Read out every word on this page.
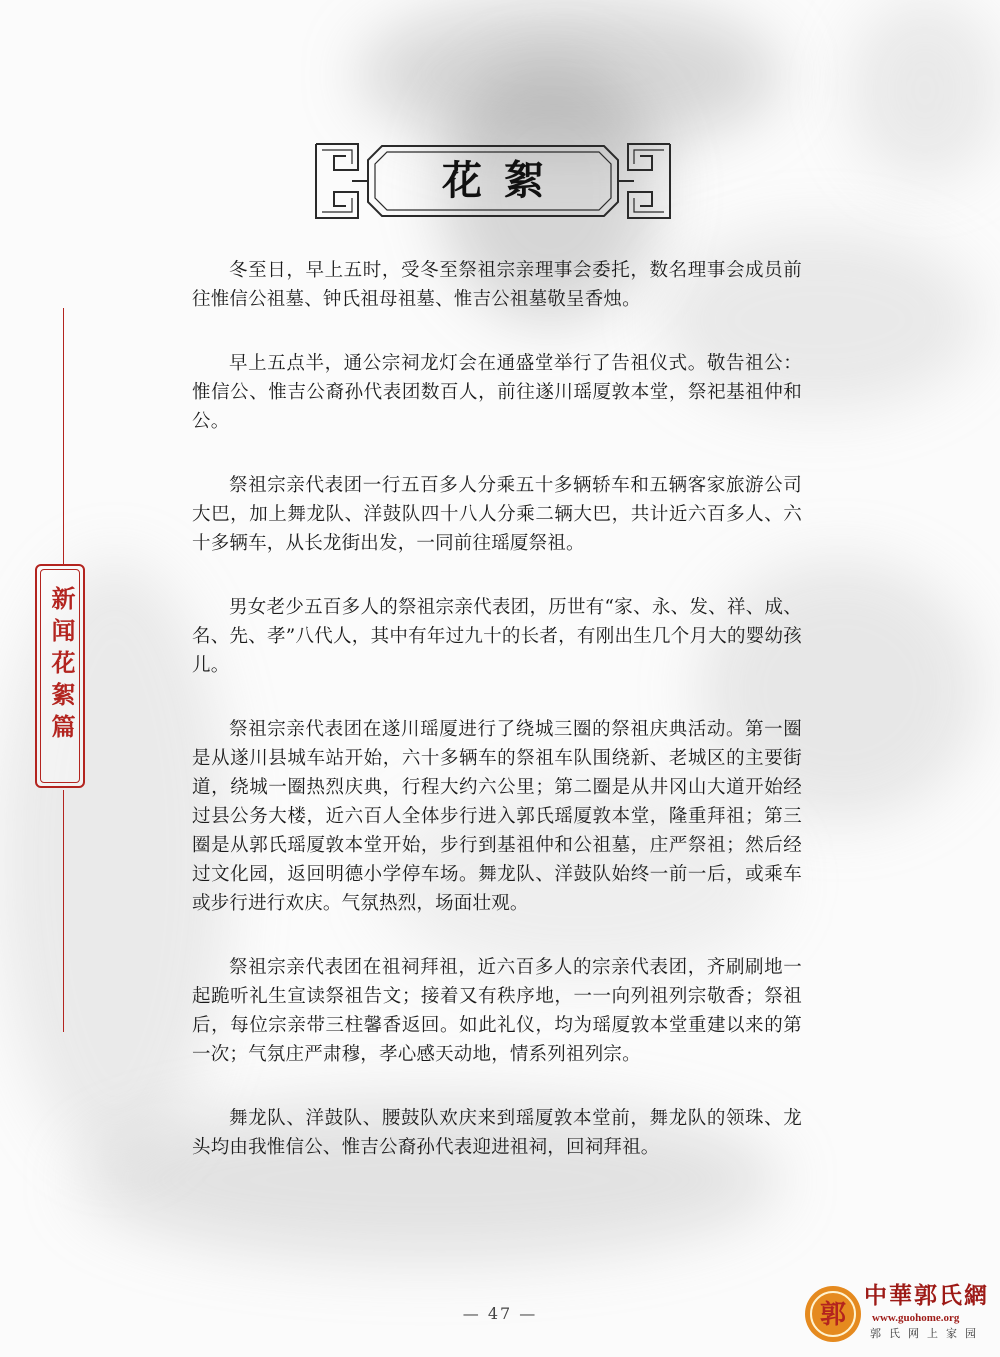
花絮
新闻花絮篇

冬至日，早上五时，受冬至祭祖宗亲理事会委托，数名理事会成员前往惟信公祖墓、钟氏祖母祖墓、惟吉公祖墓敬呈香烛。

早上五点半，通公宗祠龙灯会在通盛堂举行了告祖仪式。敬告祖公：惟信公、惟吉公裔孙代表团数百人，前往遂川瑶厦敦本堂，祭祀基祖仲和公。

祭祖宗亲代表团一行五百多人分乘五十多辆轿车和五辆客家旅游公司大巴，加上舞龙队、洋鼓队四十八人分乘二辆大巴，共计近六百多人、六十多辆车，从长龙街出发，一同前往瑶厦祭祖。

男女老少五百多人的祭祖宗亲代表团，历世有“家、永、发、祥、成、名、先、孝”八代人，其中有年过九十的长者，有刚出生几个月大的婴幼孩儿。

祭祖宗亲代表团在遂川瑶厦进行了绕城三圈的祭祖庆典活动。第一圈是从遂川县城车站开始，六十多辆车的祭祖车队围绕新、老城区的主要街道，绕城一圈热烈庆典，行程大约六公里；第二圈是从井冈山大道开始经过县公务大楼，近六百人全体步行进入郭氏瑶厦敦本堂，隆重拜祖；第三圈是从郭氏瑶厦敦本堂开始，步行到基祖仲和公祖墓，庄严祭祖；然后经过文化园，返回明德小学停车场。舞龙队、洋鼓队始终一前一后，或乘车或步行进行欢庆。气氛热烈，场面壮观。

祭祖宗亲代表团在祖祠拜祖，近六百多人的宗亲代表团，齐刷刷地一起跪听礼生宣读祭祖告文；接着又有秩序地，一一向列祖列宗敬香；祭祖后，每位宗亲带三柱馨香返回。如此礼仪，均为瑶厦敦本堂重建以来的第一次；气氛庄严肃穆，孝心感天动地，情系列祖列宗。

舞龙队、洋鼓队、腰鼓队欢庆来到瑶厦敦本堂前，舞龙队的领珠、龙头均由我惟信公、惟吉公裔孙代表迎进祖祠，回祠拜祖。

— 47 —	郭
中華郭氏網
www.guohome.org
郭氏网上家园
